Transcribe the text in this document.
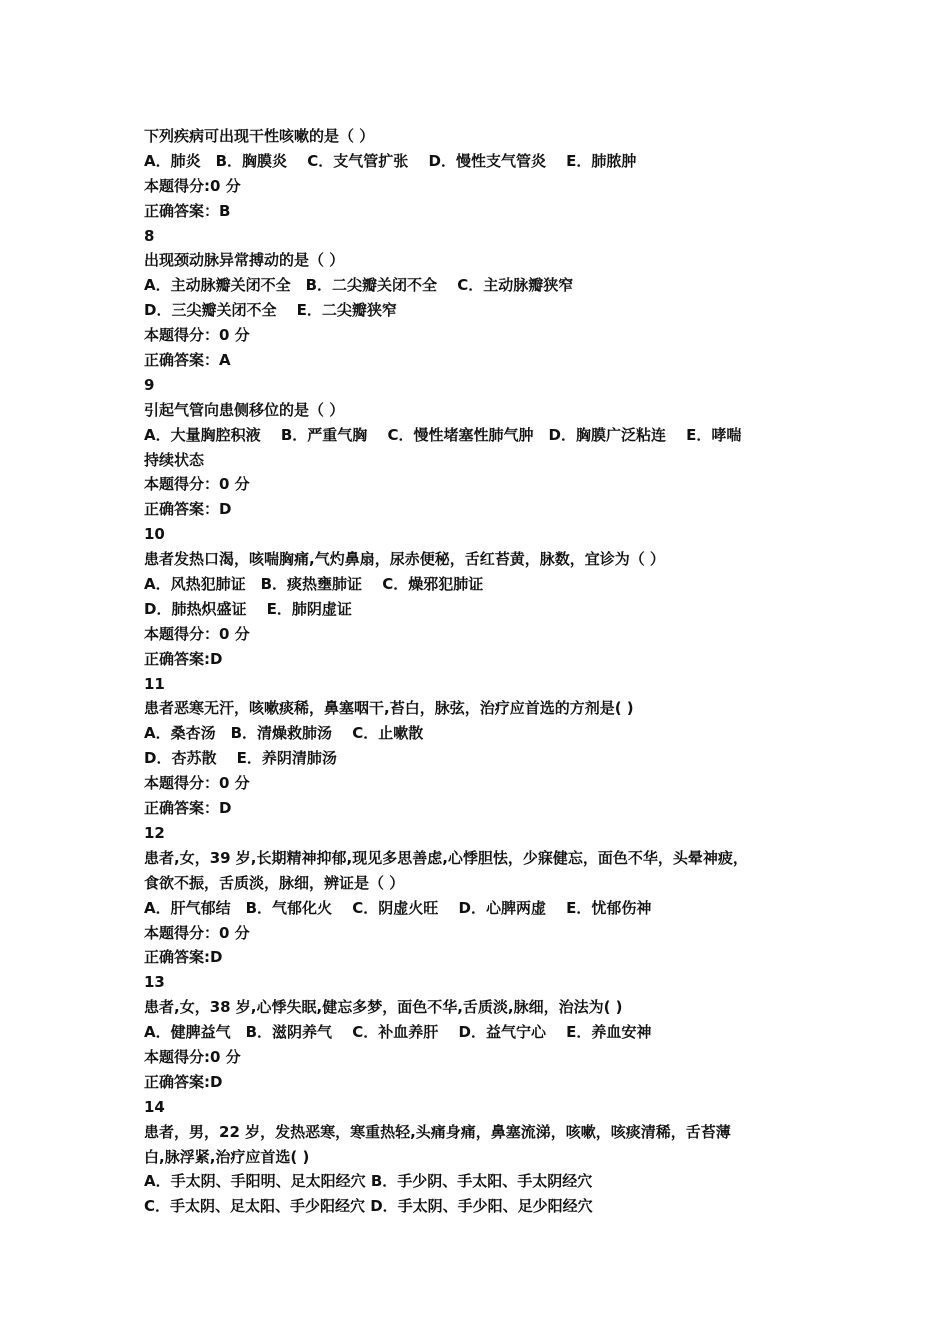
下列疾病可出现干性咳嗽的是（ ）
A．肺炎　B．胸膜炎　 C．支气管扩张　 D．慢性支气管炎　 E．肺脓肿
本题得分:0 分
正确答案：B
8
出现颈动脉异常搏动的是（ ）
A．主动脉瓣关闭不全　B．二尖瓣关闭不全　 C．主动脉瓣狭窄
D．三尖瓣关闭不全　 E．二尖瓣狭窄
本题得分：0 分
正确答案：A
9
引起气管向患侧移位的是（ ）
A．大量胸腔积液　 B．严重气胸　 C．慢性堵塞性肺气肿　D．胸膜广泛粘连　 E．哮喘
持续状态
本题得分：0 分
正确答案：D
10
患者发热口渴，咳喘胸痛,气灼鼻扇，尿赤便秘，舌红苔黄，脉数，宜诊为（ ）
A．风热犯肺证　B．痰热壅肺证　 C．燥邪犯肺证
D．肺热炽盛证　 E．肺阴虚证
本题得分：0 分
正确答案:D
11
患者恶寒无汗，咳嗽痰稀，鼻塞咽干,苔白，脉弦，治疗应首选的方剂是( )
A．桑杏汤　B．清燥救肺汤　 C．止嗽散
D．杏苏散　 E．养阴清肺汤
本题得分：0 分
正确答案：D
12
患者,女，39 岁,长期精神抑郁,现见多思善虑,心悸胆怯，少寐健忘，面色不华，头晕神疲，
食欲不振，舌质淡，脉细，辨证是（ ）
A．肝气郁结　B．气郁化火　 C．阴虚火旺　 D．心脾两虚　 E．忧郁伤神
本题得分：0 分
正确答案:D
13
患者,女，38 岁,心悸失眠,健忘多梦，面色不华,舌质淡,脉细，治法为( )
A．健脾益气　B．滋阴养气　 C．补血养肝　 D．益气宁心　 E．养血安神
本题得分:0 分
正确答案:D
14
患者，男，22 岁，发热恶寒，寒重热轻,头痛身痛，鼻塞流涕，咳嗽，咳痰清稀，舌苔薄
白,脉浮紧,治疗应首选( )
A．手太阴、手阳明、足太阳经穴 B．手少阴、手太阳、手太阴经穴
C．手太阴、足太阳、手少阳经穴 D．手太阴、手少阳、足少阳经穴
